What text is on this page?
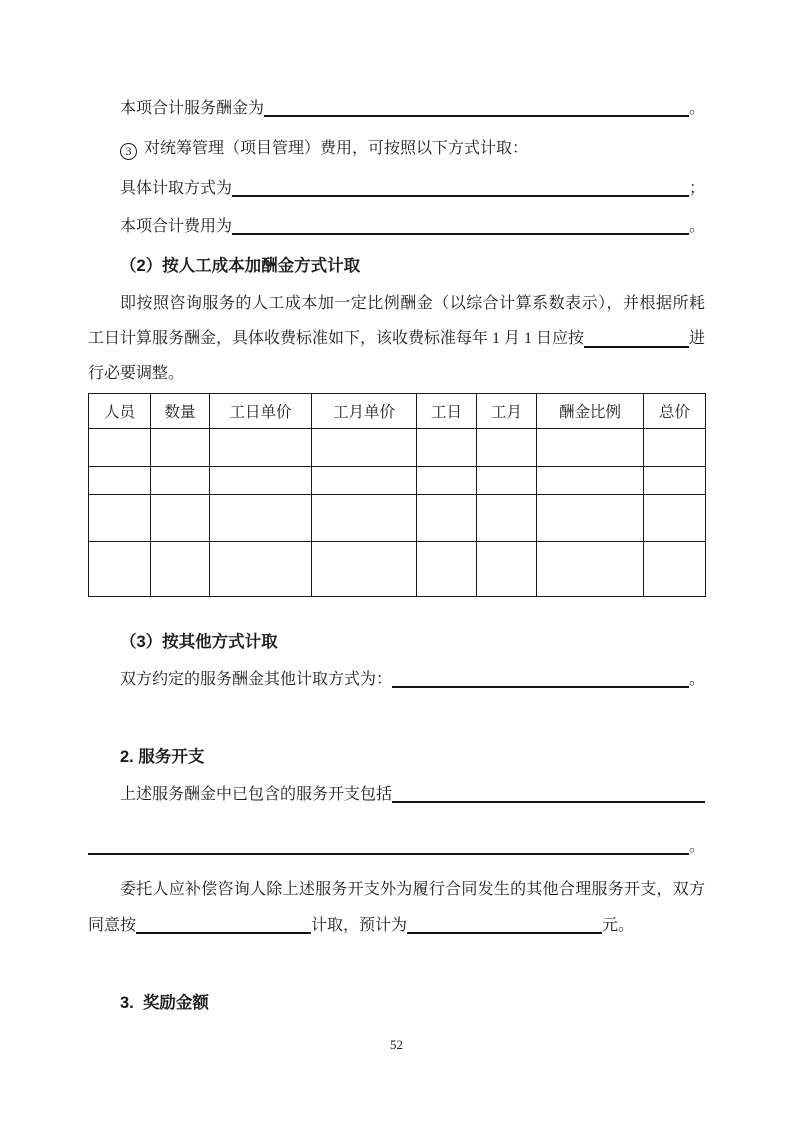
本项合计服务酬金为	。
3 对统筹管理（项目管理）费用，可按照以下方式计取：
具体计取方式为	；
本项合计费用为	。
（2）按人工成本加酬金方式计取
即按照咨询服务的人工成本加一定比例酬金（以综合计算系数表示），并根据所耗
工日计算服务酬金，具体收费标准如下，该收费标准每年 1 月 1 日应按	进
行必要调整。
人员	数量	工日单价	工月单价	工日	工月	酬金比例	总价

（3）按其他方式计取
双方约定的服务酬金其他计取方式为：	。
2. 服务开支
上述服务酬金中已包含的服务开支包括
。
委托人应补偿咨询人除上述服务开支外为履行合同发生的其他合理服务开支，双方
同意按	计取，预计为	元。
3.  奖励金额
52
